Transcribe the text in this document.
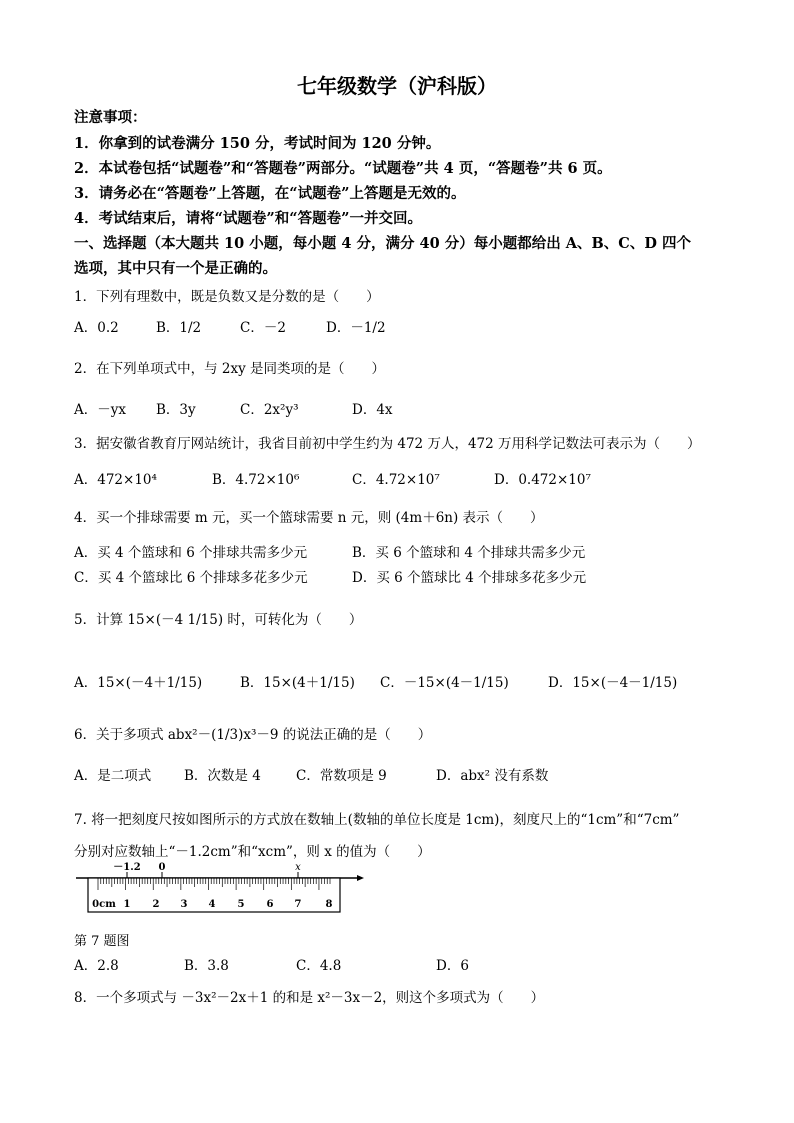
七年级数学（沪科版）
注意事项：
1．你拿到的试卷满分 150 分，考试时间为 120 分钟。
2．本试卷包括“试题卷”和“答题卷”两部分。“试题卷”共 4 页，“答题卷”共 6 页。
3．请务必在“答题卷”上答题，在“试题卷”上答题是无效的。
4．考试结束后，请将“试题卷”和“答题卷”一并交回。
一、选择题（本大题共 10 小题，每小题 4 分，满分 40 分）每小题都给出 A、B、C、D 四个
选项，其中只有一个是正确的。
1．下列有理数中，既是负数又是分数的是（　　）
A．0.2	B．1/2	C．－2	D．－1/2
2．在下列单项式中，与 2xy 是同类项的是（　　）
A．－yx B．3y	C．2x²y³	D．4x
3．据安徽省教育厅网站统计，我省目前初中学生约为 472 万人，472 万用科学记数法可表示为（　　）
A．472×10⁴	B．4.72×10⁶	C．4.72×10⁷	D．0.472×10⁷
4．买一个排球需要 m 元，买一个篮球需要 n 元，则 (4m＋6n) 表示（　　）
A．买 4 个篮球和 6 个排球共需多少元	B．买 6 个篮球和 4 个排球共需多少元
C．买 4 个篮球比 6 个排球多花多少元	D．买 6 个篮球比 4 个排球多花多少元
5．计算 15×(－4 1/15) 时，可转化为（　　）
A．15×(－4＋1/15)	B．15×(4＋1/15) C．－15×(4－1/15)	D．15×(－4－1/15)
6．关于多项式 abx²－(1/3)x³－9 的说法正确的是（　　）
A．是二项式 B．次数是 4	C．常数项是 9	D．abx² 没有系数
7. 将一把刻度尺按如图所示的方式放在数轴上(数轴的单位长度是 1cm)，刻度尺上的“1cm”和“7cm”
分别对应数轴上“－1.2cm”和“xcm”，则 x 的值为（　　）
－1.2 0	x
0cm 1 2 3 4 5 6 7 8
第 7 题图
A．2.8	B．3.8	C．4.8	D．6
8．一个多项式与 －3x²－2x＋1 的和是 x²－3x－2，则这个多项式为（　　）
